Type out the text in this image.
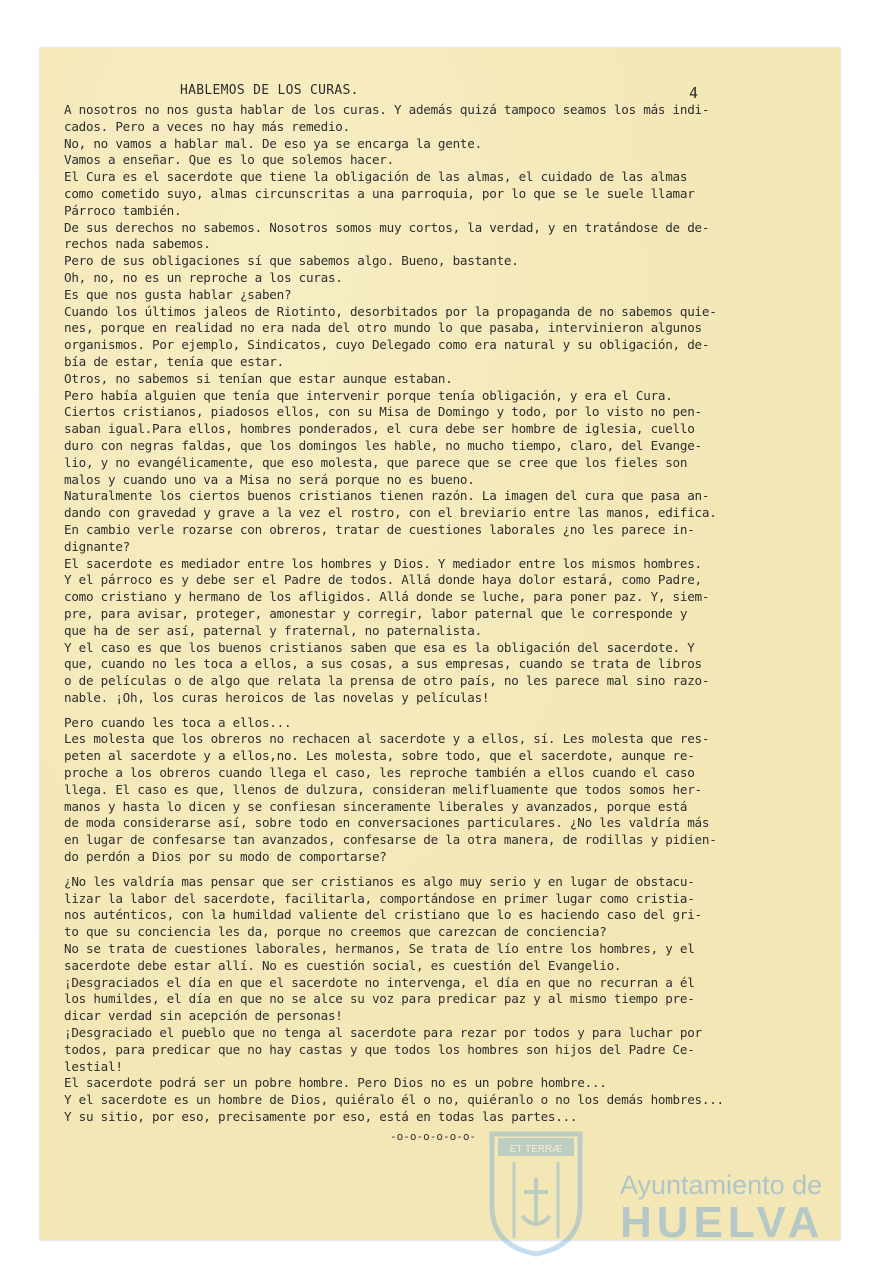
HABLEMOS DE LOS CURAS.	4
A nosotros no nos gusta hablar de los curas. Y además quizá tampoco seamos los más indi-
cados. Pero a veces no hay más remedio.
No, no vamos a hablar mal. De eso ya se encarga la gente.
Vamos a enseñar. Que es lo que solemos hacer.
El Cura es el sacerdote que tiene la obligación de las almas, el cuidado de las almas
como cometido suyo, almas circunscritas a una parroquia, por lo que se le suele llamar
Párroco también.
De sus derechos no sabemos. Nosotros somos muy cortos, la verdad, y en tratándose de de-
rechos nada sabemos.
Pero de sus obligaciones sí que sabemos algo. Bueno, bastante.
Oh, no, no es un reproche a los curas.
Es que nos gusta hablar ¿saben?
Cuando los últimos jaleos de Riotinto, desorbitados por la propaganda de no sabemos quie-
nes, porque en realidad no era nada del otro mundo lo que pasaba, intervinieron algunos
organismos. Por ejemplo, Sindicatos, cuyo Delegado como era natural y su obligación, de-
bía de estar, tenía que estar.
Otros, no sabemos si tenían que estar aunque estaban.
Pero había alguien que tenía que intervenir porque tenía obligación, y era el Cura.
Ciertos cristianos, piadosos ellos, con su Misa de Domingo y todo, por lo visto no pen-
saban igual.Para ellos, hombres ponderados, el cura debe ser hombre de iglesia, cuello
duro con negras faldas, que los domingos les hable, no mucho tiempo, claro, del Evange-
lio, y no evangélicamente, que eso molesta, que parece que se cree que los fieles son
malos y cuando uno va a Misa no será porque no es bueno.
Naturalmente los ciertos buenos cristianos tienen razón. La imagen del cura que pasa an-
dando con gravedad y grave a la vez el rostro, con el breviario entre las manos, edifica.
En cambio verle rozarse con obreros, tratar de cuestiones laborales ¿no les parece in-
dignante?
El sacerdote es mediador entre los hombres y Dios. Y mediador entre los mismos hombres.
Y el párroco es y debe ser el Padre de todos. Allá donde haya dolor estará, como Padre,
como cristiano y hermano de los afligidos. Allá donde se luche, para poner paz. Y, siem-
pre, para avisar, proteger, amonestar y corregir, labor paternal que le corresponde y
que ha de ser así, paternal y fraternal, no paternalista.
Y el caso es que los buenos cristianos saben que esa es la obligación del sacerdote. Y
que, cuando no les toca a ellos, a sus cosas, a sus empresas, cuando se trata de libros
o de películas o de algo que relata la prensa de otro país, no les parece mal sino razo-
nable. ¡Oh, los curas heroicos de las novelas y películas!
Pero cuando les toca a ellos...
Les molesta que los obreros no rechacen al sacerdote y a ellos, sí. Les molesta que res-
peten al sacerdote y a ellos,no. Les molesta, sobre todo, que el sacerdote, aunque re-
proche a los obreros cuando llega el caso, les reproche también a ellos cuando el caso
llega. El caso es que, llenos de dulzura, consideran melifluamente que todos somos her-
manos y hasta lo dicen y se confiesan sinceramente liberales y avanzados, porque está
de moda considerarse así, sobre todo en conversaciones particulares. ¿No les valdría más
en lugar de confesarse tan avanzados, confesarse de la otra manera, de rodillas y pidien-
do perdón a Dios por su modo de comportarse?
¿No les valdría mas pensar que ser cristianos es algo muy serio y en lugar de obstacu-
lizar la labor del sacerdote, facilitarla, comportándose en primer lugar como cristia-
nos auténticos, con la humildad valiente del cristiano que lo es haciendo caso del gri-
to que su conciencia les da, porque no creemos que carezcan de conciencia?
No se trata de cuestiones laborales, hermanos, Se trata de lío entre los hombres, y el
sacerdote debe estar allí. No es cuestión social, es cuestión del Evangelio.
¡Desgraciados el día en que el sacerdote no intervenga, el día en que no recurran a él
los humildes, el día en que no se alce su voz para predicar paz y al mismo tiempo pre-
dicar verdad sin acepción de personas!
¡Desgraciado el pueblo que no tenga al sacerdote para rezar por todos y para luchar por
todos, para predicar que no hay castas y que todos los hombres son hijos del Padre Ce-
lestial!
El sacerdote podrá ser un pobre hombre. Pero Dios no es un pobre hombre...
Y el sacerdote es un hombre de Dios, quiéralo él o no, quiéranlo o no los demás hombres...
Y su sitio, por eso, precisamente por eso, está en todas las partes...
-o-o-o-o-o-o-
ET TERRÆ
Ayuntamiento de
HUELVA
